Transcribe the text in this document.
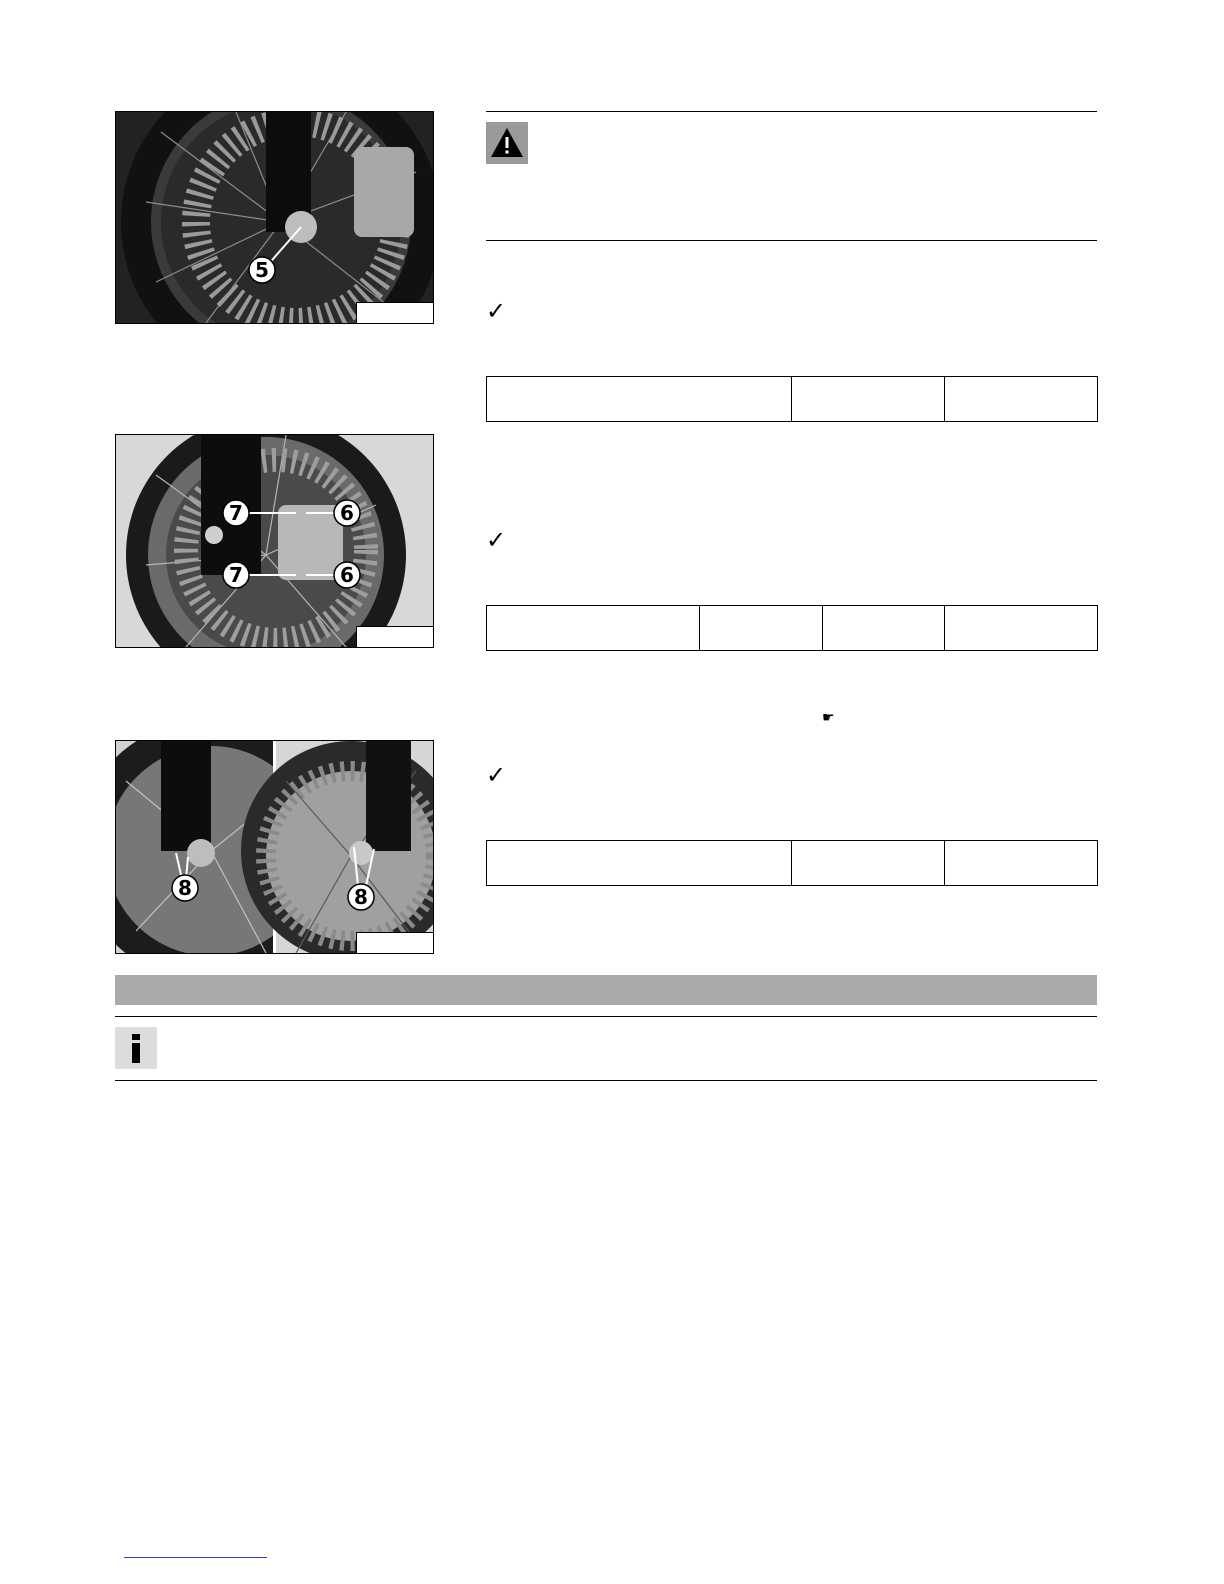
5
7	6
7	6
8	8
✓

✓

☛
✓
